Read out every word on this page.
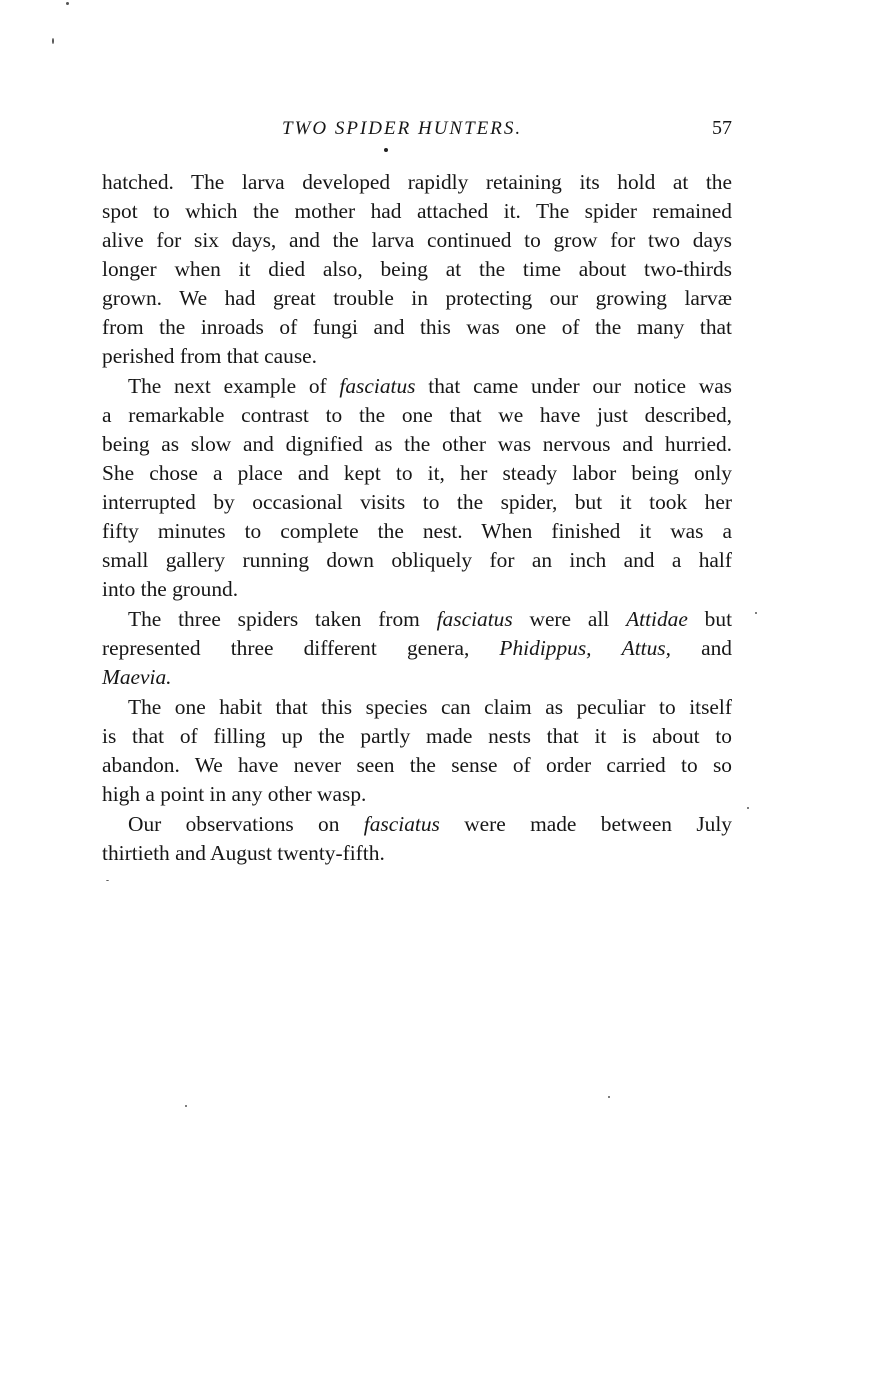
TWO SPIDER HUNTERS.	57
hatched. The larva developed rapidly retaining its hold at the
spot to which the mother had attached it. The spider remained
alive for six days, and the larva continued to grow for two days
longer when it died also, being at the time about two-thirds
grown. We had great trouble in protecting our growing larvæ
from the inroads of fungi and this was one of the many that
perished from that cause.
The next example of fasciatus that came under our notice was
a remarkable contrast to the one that we have just described,
being as slow and dignified as the other was nervous and hurried.
She chose a place and kept to it, her steady labor being only
interrupted by occasional visits to the spider, but it took her
fifty minutes to complete the nest. When finished it was a
small gallery running down obliquely for an inch and a half
into the ground.
The three spiders taken from fasciatus were all Attidae but
represented three different genera, Phidippus, Attus, and
Maevia.
The one habit that this species can claim as peculiar to itself
is that of filling up the partly made nests that it is about to
abandon. We have never seen the sense of order carried to so
high a point in any other wasp.
Our observations on fasciatus were made between July
thirtieth and August twenty-fifth.
